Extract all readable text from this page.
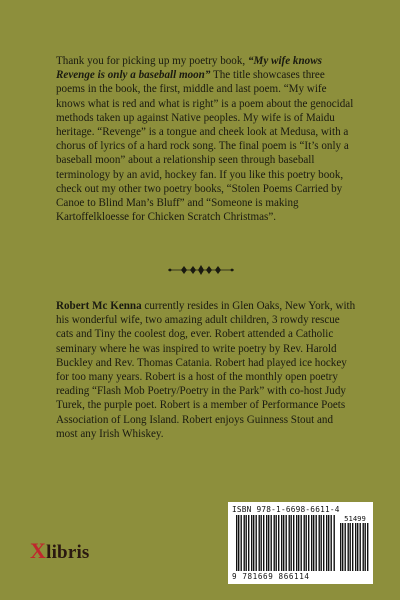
Thank you for picking up my poetry book, “My wife knows Revenge is only a baseball moon” The title showcases three poems in the book, the first, middle and last poem. “My wife knows what is red and what is right” is a poem about the genocidal methods taken up against Native peoples. My wife is of Maidu heritage. “Revenge” is a tongue and cheek look at Medusa, with a chorus of lyrics of a hard rock song. The final poem is “It’s only a baseball moon” about a relationship seen through baseball terminology by an avid, hockey fan. If you like this poetry book, check out my other two poetry books, “Stolen Poems Carried by Canoe to Blind Man’s Bluff” and “Someone is making Kartoffelkloesse for Chicken Scratch Christmas”.

Robert Mc Kenna currently resides in Glen Oaks, New York, with his wonderful wife, two amazing adult children, 3 rowdy rescue cats and Tiny the coolest dog, ever. Robert attended a Catholic seminary where he was inspired to write poetry by Rev. Harold Buckley and Rev. Thomas Catania. Robert had played ice hockey for too many years. Robert is a host of the monthly open poetry reading “Flash Mob Poetry/Poetry in the Park” with co-host Judy Turek, the purple poet. Robert is a member of Performance Poets Association of Long Island. Robert enjoys Guinness Stout and most any Irish Whiskey.

Xlibris
ISBN 978-1-6698-6611-4
51499
9 781669 866114
